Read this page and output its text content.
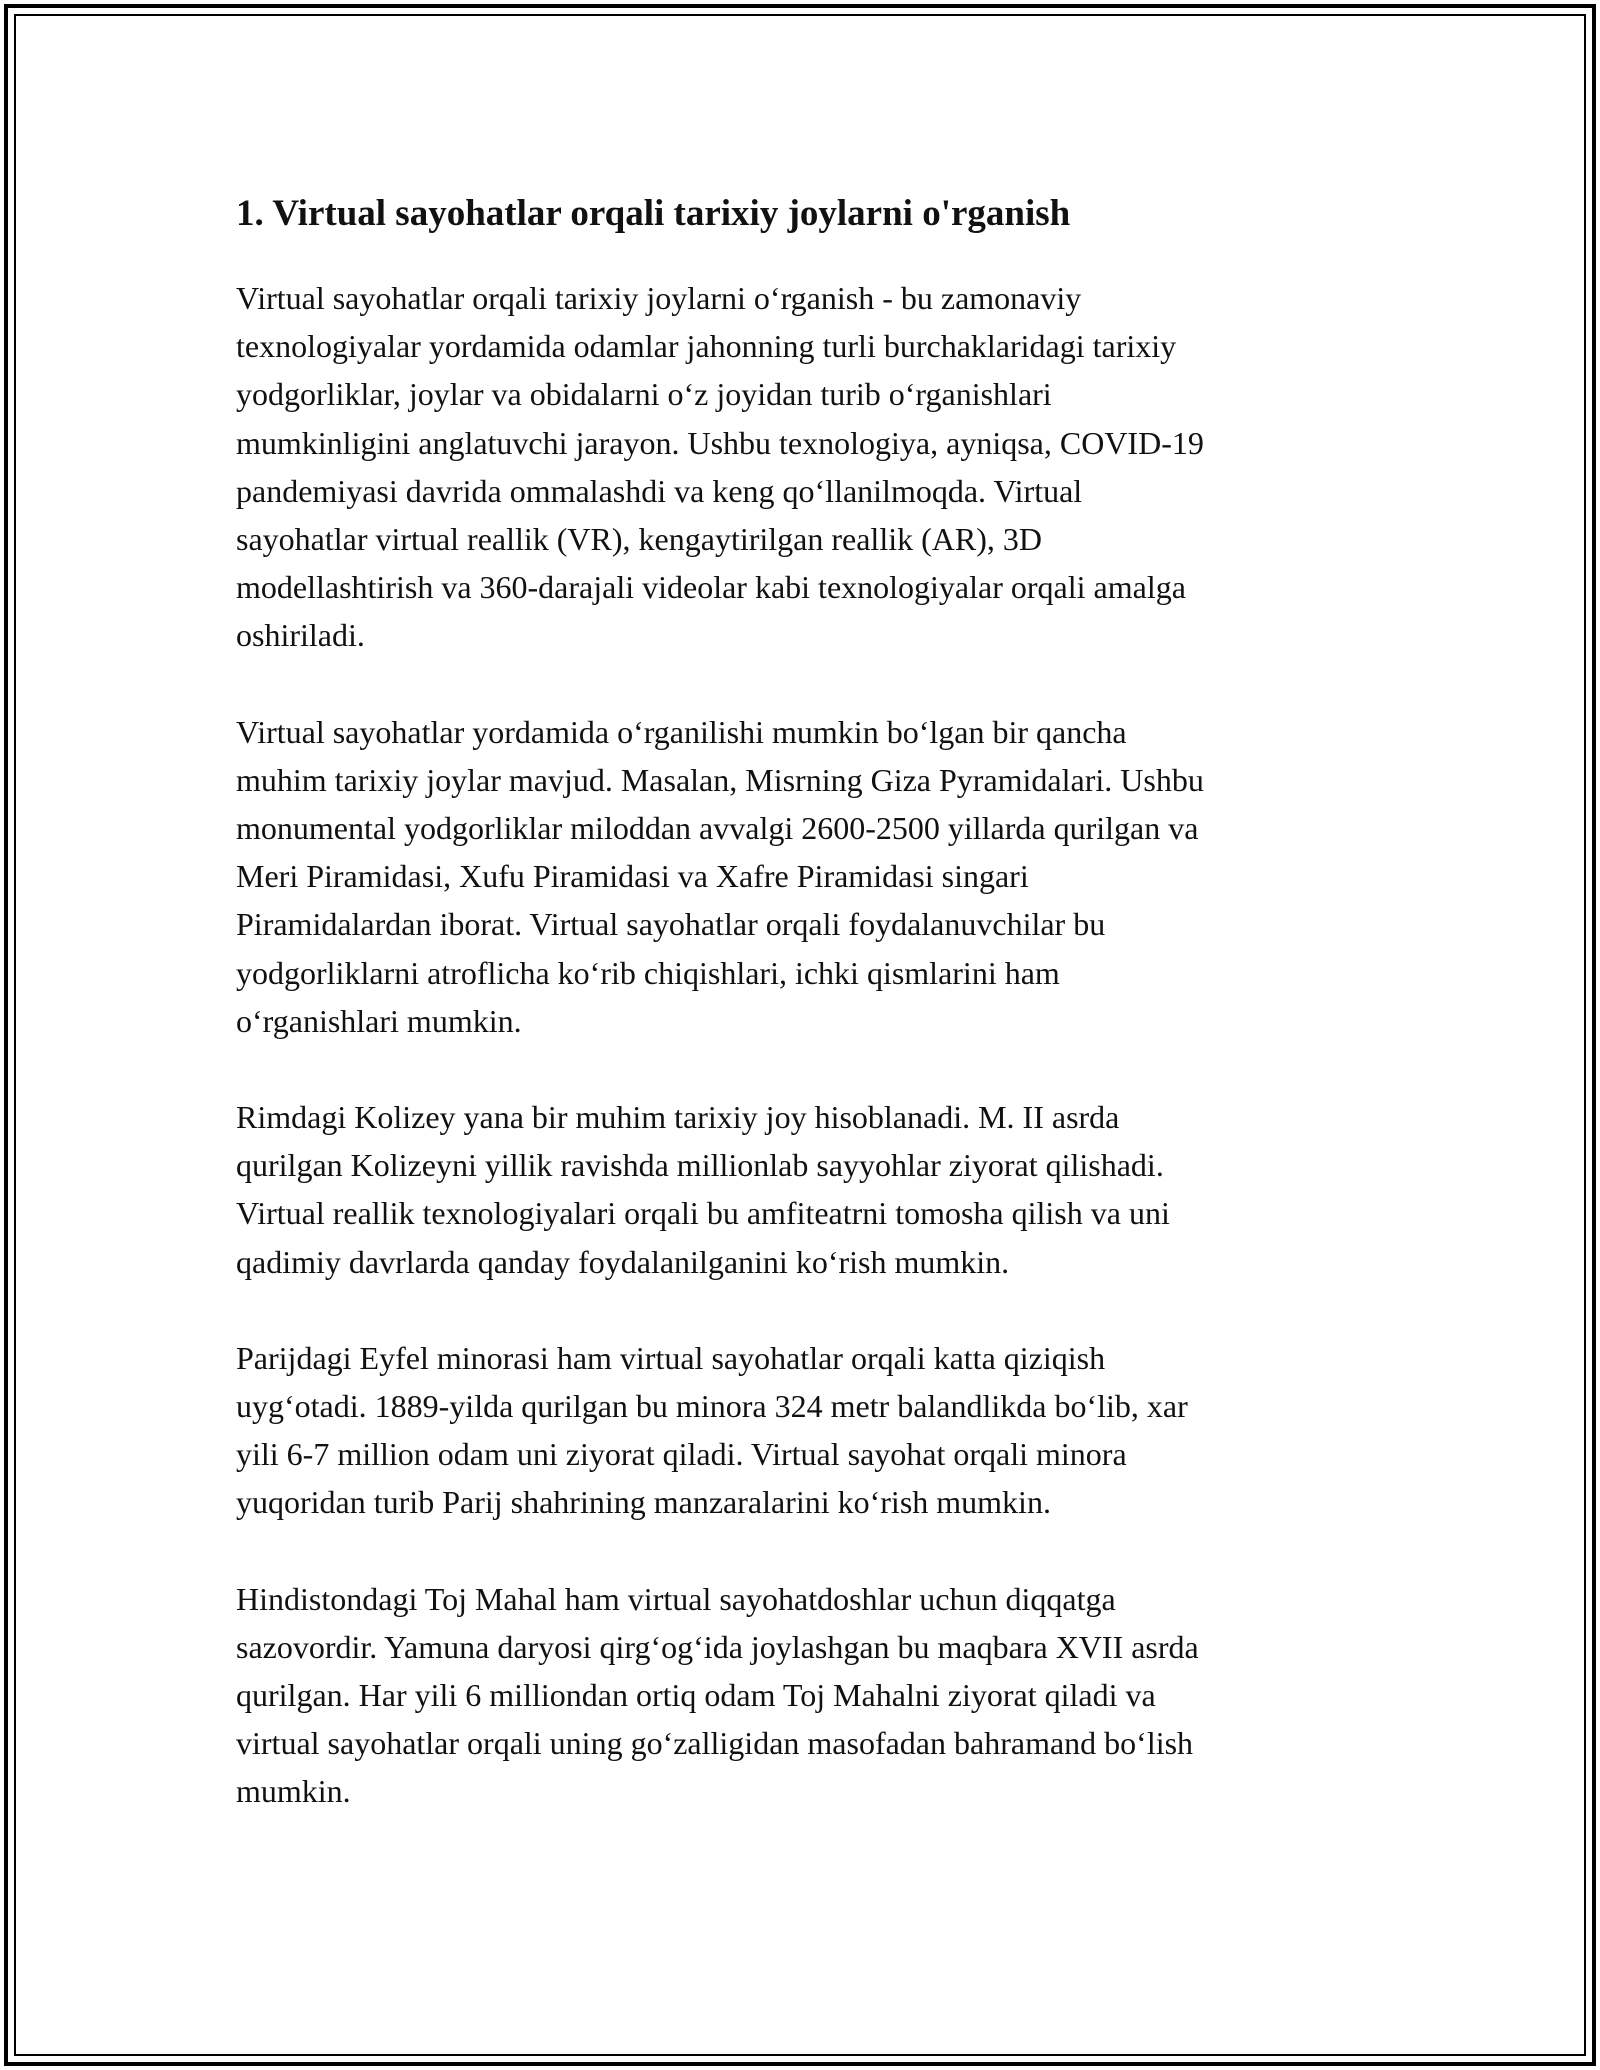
1. Virtual sayohatlar orqali tarixiy joylarni o'rganish

Virtual sayohatlar orqali tarixiy joylarni o‘rganish - bu zamonaviy
texnologiyalar yordamida odamlar jahonning turli burchaklaridagi tarixiy
yodgorliklar, joylar va obidalarni o‘z joyidan turib o‘rganishlari
mumkinligini anglatuvchi jarayon. Ushbu texnologiya, ayniqsa, COVID-19
pandemiyasi davrida ommalashdi va keng qo‘llanilmoqda. Virtual
sayohatlar virtual reallik (VR), kengaytirilgan reallik (AR), 3D
modellashtirish va 360-darajali videolar kabi texnologiyalar orqali amalga
oshiriladi.

Virtual sayohatlar yordamida o‘rganilishi mumkin bo‘lgan bir qancha
muhim tarixiy joylar mavjud. Masalan, Misrning Giza Pyramidalari. Ushbu
monumental yodgorliklar miloddan avvalgi 2600-2500 yillarda qurilgan va
Meri Piramidasi, Xufu Piramidasi va Xafre Piramidasi singari
Piramidalardan iborat. Virtual sayohatlar orqali foydalanuvchilar bu
yodgorliklarni atroflicha ko‘rib chiqishlari, ichki qismlarini ham
o‘rganishlari mumkin.

Rimdagi Kolizey yana bir muhim tarixiy joy hisoblanadi. M. II asrda
qurilgan Kolizeyni yillik ravishda millionlab sayyohlar ziyorat qilishadi.
Virtual reallik texnologiyalari orqali bu amfiteatrni tomosha qilish va uni
qadimiy davrlarda qanday foydalanilganini ko‘rish mumkin.

Parijdagi Eyfel minorasi ham virtual sayohatlar orqali katta qiziqish
uyg‘otadi. 1889-yilda qurilgan bu minora 324 metr balandlikda bo‘lib, xar
yili 6-7 million odam uni ziyorat qiladi. Virtual sayohat orqali minora
yuqoridan turib Parij shahrining manzaralarini ko‘rish mumkin.

Hindistondagi Toj Mahal ham virtual sayohatdoshlar uchun diqqatga
sazovordir. Yamuna daryosi qirg‘og‘ida joylashgan bu maqbara XVII asrda
qurilgan. Har yili 6 milliondan ortiq odam Toj Mahalni ziyorat qiladi va
virtual sayohatlar orqali uning go‘zalligidan masofadan bahramand bo‘lish
mumkin.
